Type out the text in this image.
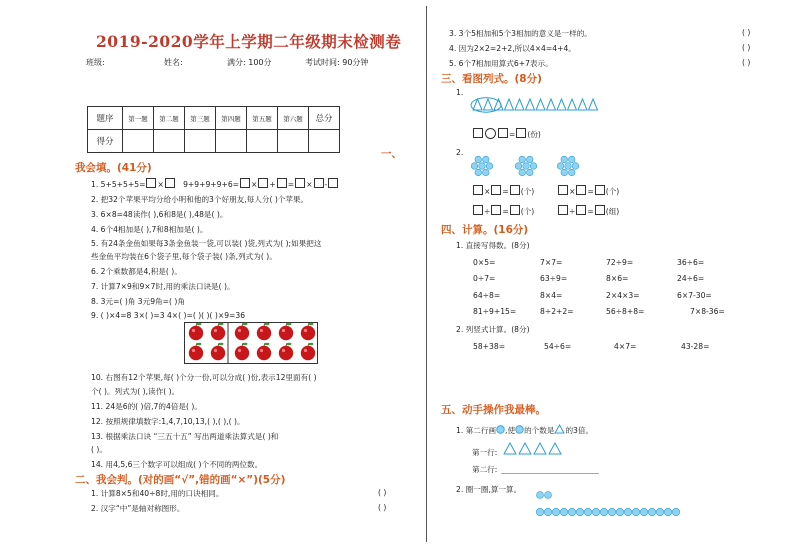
2019-2020学年上学期二年级期末检测卷
班级:	姓名:	满分: 100分	考试时间: 90分钟
题序	第一题	第二题	第三题	第四题	第五题	第六题	总分
得分							
一、
我会填。(41分)
1. 5+5+5+5= ×	9+9+9+9+6= × + = × -
2. 把32个苹果平均分给小明和他的3个好朋友,每人分( )个苹果。
3. 6×8=48读作( ),6和8是( ),48是( )。
4. 6个4相加是( ),7和8相加是( )。
5. 有24条金鱼如果每3条金鱼装一袋,可以装( )袋,列式为( );如果把这
些金鱼平均装在6个袋子里,每个袋子装( )条,列式为( )。
6. 2个乘数都是4,积是( )。
7. 计算7×9和9×7时,用的乘法口诀是( )。
8. 3元=( )角 3元9角=( )角
9. ( )×4=8 3×( )=3 4×( )=( )( )( )×9=36
10. 右图有12个苹果,每( )个分一份,可以分成( )份,表示12里面有( )
个( )。列式为( ),读作( )。
11. 24是6的( )倍,7的4倍是( )。
12. 按照规律填数字:1,4,7,10,13,( ),( ),( )。
13. 根据乘法口诀 “三五十五” 写出两道乘法算式是( )和
( )。
14. 用4,5,6三个数字可以组成( )个不同的两位数。
二、我会判。(对的画“√”,错的画“×”)(5分)
1. 计算8×5和40÷8时,用的口诀相同。	( )
2. 汉字“中”是轴对称图形。	( )
3. 3个5相加和5个3相加的意义是一样的。	( )
4. 因为2×2=2+2,所以4×4=4+4。	( )
5. 6个7相加用算式6+7表示。	( )
三、看图列式。(8分)
1.
= (份)
2.
× = (个)	× = (个)
÷ = (个)	÷ = (组)
四、计算。(16分)
1. 直接写得数。(8分)
0×5=	7×7=	72÷9=	36÷6=
0÷7=	63÷9=	8×6=	24÷6=
64÷8=	8×4=	2×4×3=	6×7-30=
81÷9+15=	8÷2+2=	56÷8+8=	7×8-36=
2. 列竖式计算。(8分)
58+38=	54÷6=	4×7=	43-28=
五、动手操作我最棒。
1. 第二行画 ,使 的个数是 的3倍。
第一行:
第二行:
2. 圈一圈,算一算。
